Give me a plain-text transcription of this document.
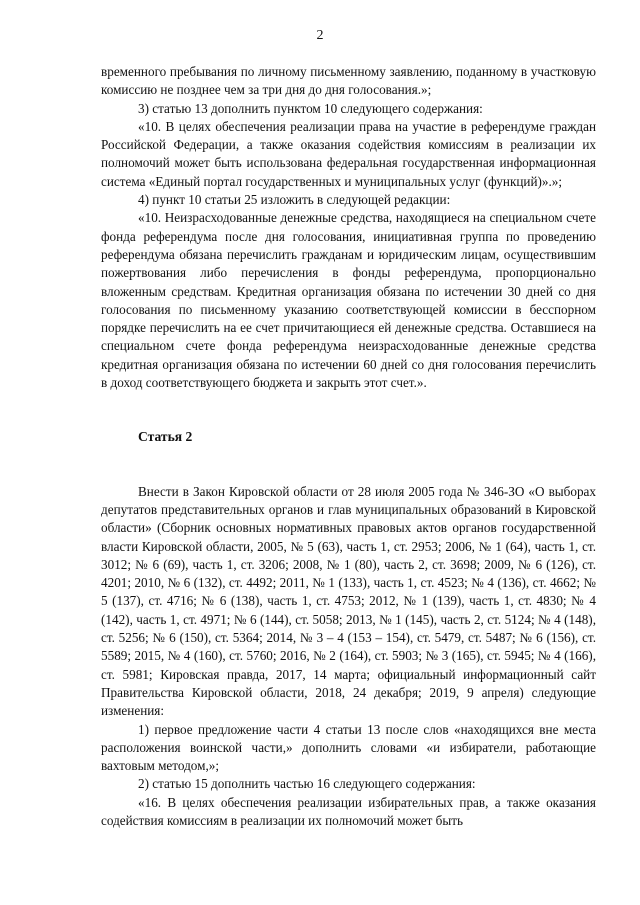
2

временного пребывания по личному письменному заявлению, поданному в участковую комиссию не позднее чем за три дня до дня голосования.»;

3) статью 13 дополнить пунктом 10 следующего содержания:

«10. В целях обеспечения реализации права на участие в референдуме граждан Российской Федерации, а также оказания содействия комиссиям в реализации их полномочий может быть использована федеральная государственная информационная система «Единый портал государственных и муниципальных услуг (функций)».»;

4) пункт 10 статьи 25 изложить в следующей редакции:

«10. Неизрасходованные денежные средства, находящиеся на специальном счете фонда референдума после дня голосования, инициативная группа по проведению референдума обязана перечислить гражданам и юридическим лицам, осуществившим пожертвования либо перечисления в фонды референдума, пропорционально вложенным средствам. Кредитная организация обязана по истечении 30 дней со дня голосования по письменному указанию соответствующей комиссии в бесспорном порядке перечислить на ее счет причитающиеся ей денежные средства. Оставшиеся на специальном счете фонда референдума неизрасходованные денежные средства кредитная организация обязана по истечении 60 дней со дня голосования перечислить в доход соответствующего бюджета и закрыть этот счет.».

Статья 2

Внести в Закон Кировской области от 28 июля 2005 года № 346-ЗО «О выборах депутатов представительных органов и глав муниципальных образований в Кировской области» (Сборник основных нормативных правовых актов органов государственной власти Кировской области, 2005, № 5 (63), часть 1, ст. 2953; 2006, № 1 (64), часть 1, ст. 3012; № 6 (69), часть 1, ст. 3206; 2008, № 1 (80), часть 2, ст. 3698; 2009, № 6 (126), ст. 4201; 2010, № 6 (132), ст. 4492; 2011, № 1 (133), часть 1, ст. 4523; № 4 (136), ст. 4662; № 5 (137), ст. 4716; № 6 (138), часть 1, ст. 4753; 2012, № 1 (139), часть 1, ст. 4830; № 4 (142), часть 1, ст. 4971; № 6 (144), ст. 5058; 2013, № 1 (145), часть 2, ст. 5124; № 4 (148), ст. 5256; № 6 (150), ст. 5364; 2014, № 3 – 4 (153 – 154), ст. 5479, ст. 5487; № 6 (156), ст. 5589; 2015, № 4 (160), ст. 5760; 2016, № 2 (164), ст. 5903; № 3 (165), ст. 5945; № 4 (166), ст. 5981; Кировская правда, 2017, 14 марта; официальный информационный сайт Правительства Кировской области, 2018, 24 декабря; 2019, 9 апреля) следующие изменения:

1) первое предложение части 4 статьи 13 после слов «находящихся вне места расположения воинской части,» дополнить словами «и избиратели, работающие вахтовым методом,»;

2) статью 15 дополнить частью 16 следующего содержания:

«16. В целях обеспечения реализации избирательных прав, а также оказания содействия комиссиям в реализации их полномочий может быть
